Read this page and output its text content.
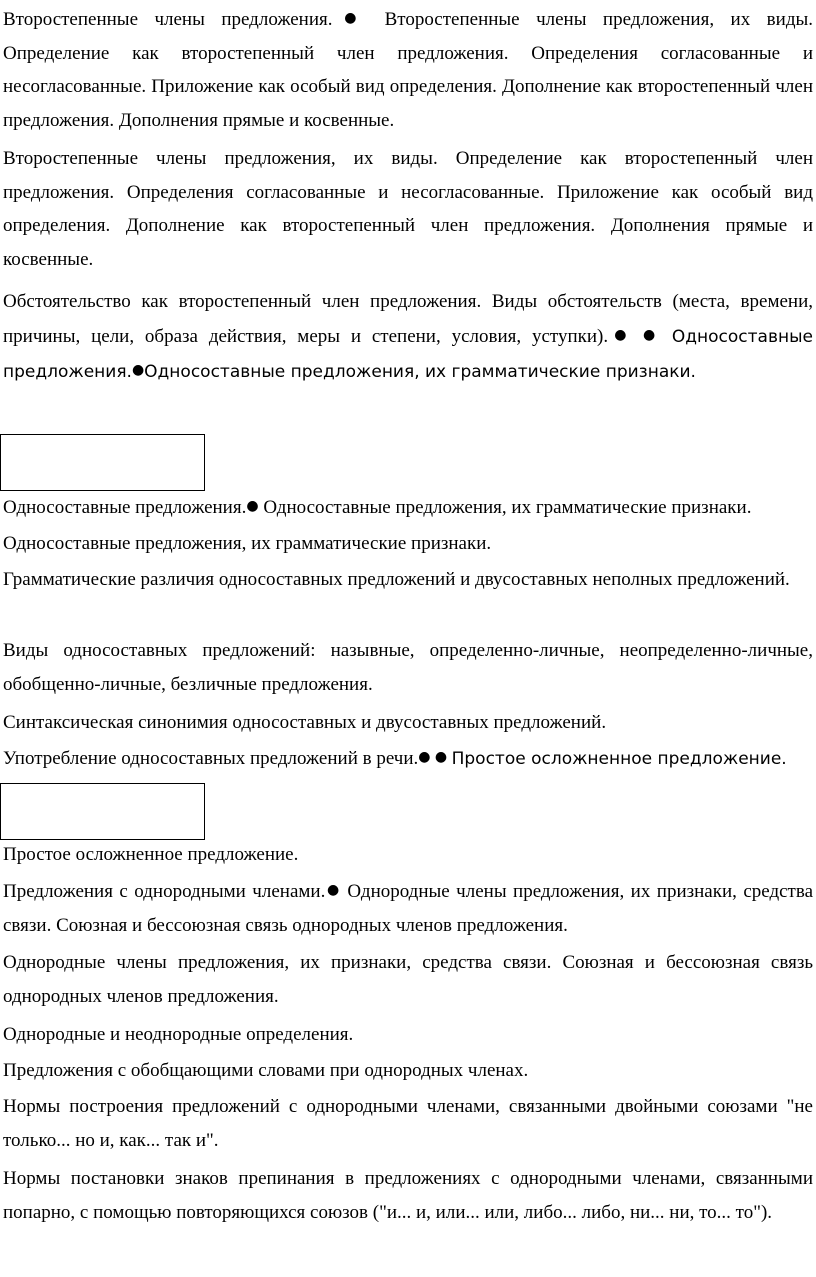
Второстепенные члены предложения.● Второстепенные члены предложения, их виды. Определение как второстепенный член предложения. Определения согласованные и несогласованные. Приложение как особый вид определения. Дополнение как второстепенный член предложения. Дополнения прямые и косвенные.

Второстепенные члены предложения, их виды. Определение как второстепенный член предложения. Определения согласованные и несогласованные. Приложение как особый вид определения. Дополнение как второстепенный член предложения. Дополнения прямые и косвенные.

Обстоятельство как второстепенный член предложения. Виды обстоятельств (места, времени, причины, цели, образа действия, меры и степени, условия, уступки).● ● Односоставные предложения.●Односоставные предложения, их грамматические признаки.

Односоставные предложения.● Односоставные предложения, их грамматические признаки.

Односоставные предложения, их грамматические признаки.

Грамматические различия односоставных предложений и двусоставных неполных предложений.

Виды односоставных предложений: назывные, определенно-личные, неопределенно-личные, обобщенно-личные, безличные предложения.

Синтаксическая синонимия односоставных и двусоставных предложений.

Употребление односоставных предложений в речи.● ● Простое осложненное предложение.

Простое осложненное предложение.

Предложения с однородными членами.● Однородные члены предложения, их признаки, средства связи. Союзная и бессоюзная связь однородных членов предложения.

Однородные члены предложения, их признаки, средства связи. Союзная и бессоюзная связь однородных членов предложения.

Однородные и неоднородные определения.

Предложения с обобщающими словами при однородных членах.

Нормы построения предложений с однородными членами, связанными двойными союзами "не только... но и, как... так и".

Нормы постановки знаков препинания в предложениях с однородными членами, связанными попарно, с помощью повторяющихся союзов ("и... и, или... или, либо... либо, ни... ни, то... то").
